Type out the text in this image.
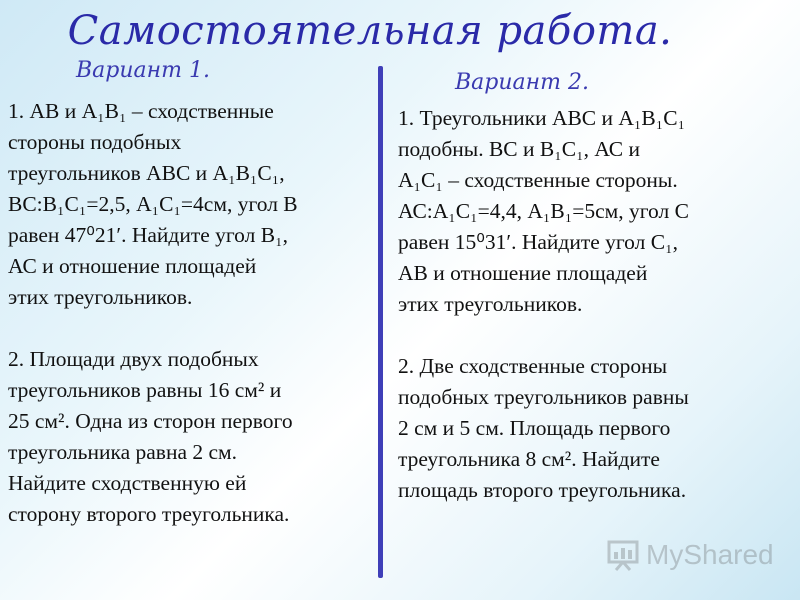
Самостоятельная работа.
Вариант 1.	Вариант 2.

1. АВ и А₁В₁ – сходственные

стороны подобных

треугольников АВС и А₁В₁С₁,

ВС:В₁С₁=2,5, А₁С₁=4см, угол В

равен 47⁰21ʹ. Найдите угол В₁,

АС и отношение площадей

этих треугольников.

2. Площади двух подобных

треугольников равны 16 см² и

25 см². Одна из сторон первого

треугольника равна 2 см.

Найдите сходственную ей

сторону второго треугольника.

1. Треугольники АВС и А₁В₁С₁

подобны. ВС и В₁С₁, АС и

А₁С₁ – сходственные стороны.

АС:А₁С₁=4,4, А₁В₁=5см, угол С

равен 15⁰31ʹ. Найдите угол С₁,

АВ и отношение площадей

этих треугольников.

2. Две сходственные стороны

подобных треугольников равны

2 см и 5 см. Площадь первого

треугольника 8 см². Найдите

площадь второго треугольника.

MyShared
